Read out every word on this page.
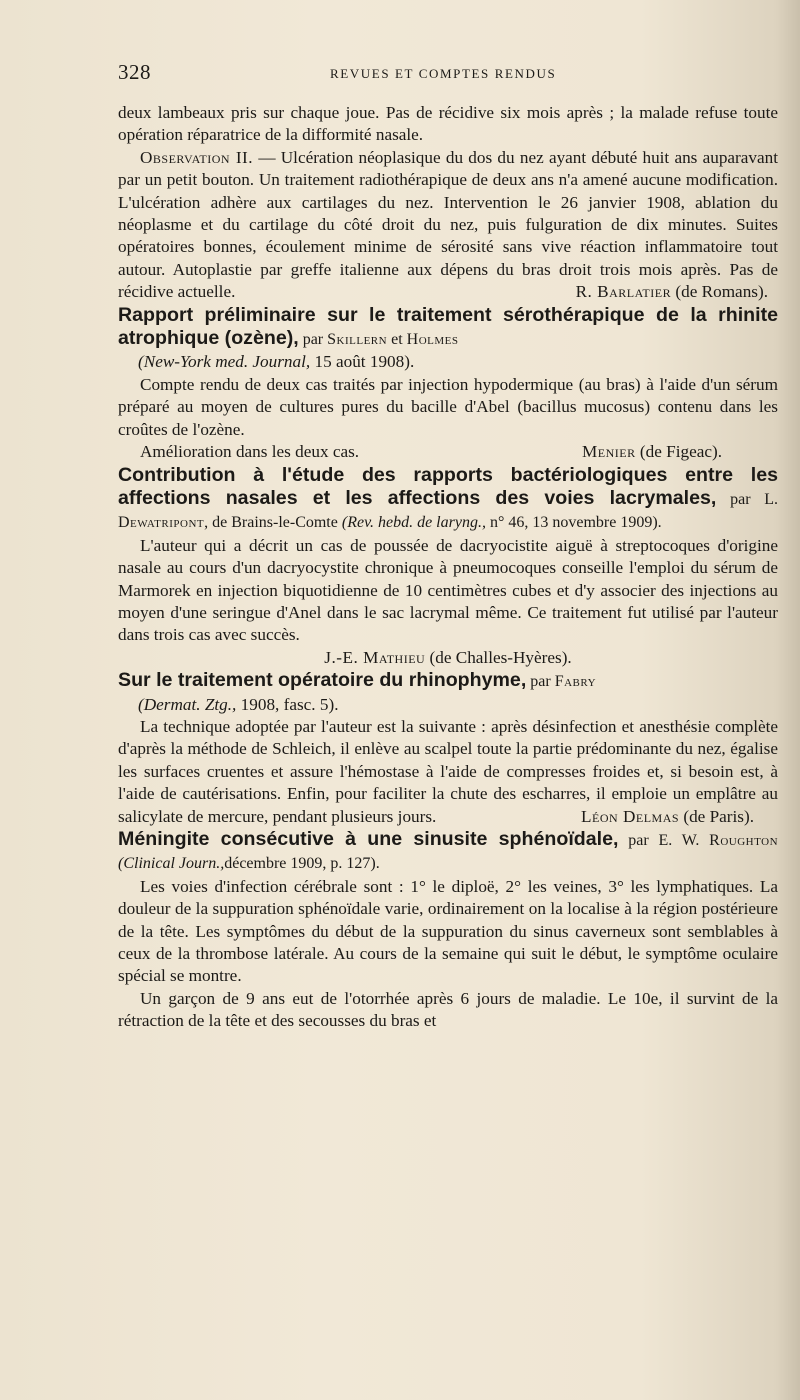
328	REVUES ET COMPTES RENDUS

deux lambeaux pris sur chaque joue. Pas de récidive six mois après ; la malade refuse toute opération réparatrice de la difformité nasale.

Observation II. — Ulcération néoplasique du dos du nez ayant débuté huit ans auparavant par un petit bouton. Un traitement radiothérapique de deux ans n'a amené aucune modification. L'ulcération adhère aux cartilages du nez. Intervention le 26 janvier 1908, ablation du néoplasme et du cartilage du côté droit du nez, puis fulguration de dix minutes. Suites opératoires bonnes, écoulement minime de sérosité sans vive réaction inflammatoire tout autour. Autoplastie par greffe italienne aux dépens du bras droit trois mois après. Pas de récidive actuelle.	R. Barlatier (de Romans).

Rapport préliminaire sur le traitement sérothérapique de la rhinite atrophique (ozène), par Skillern et Holmes

(New-York med. Journal, 15 août 1908).

Compte rendu de deux cas traités par injection hypodermique (au bras) à l'aide d'un sérum préparé au moyen de cultures pures du bacille d'Abel (bacillus mucosus) contenu dans les croûtes de l'ozène.

Amélioration dans les deux cas.	Menier (de Figeac).

Contribution à l'étude des rapports bactériologiques entre les affections nasales et les affections des voies lacrymales, par L. Dewatripont, de Brains-le-Comte (Rev. hebd. de laryng., n° 46, 13 novembre 1909).

L'auteur qui a décrit un cas de poussée de dacryocistite aiguë à streptocoques d'origine nasale au cours d'un dacryocystite chronique à pneumocoques conseille l'emploi du sérum de Marmorek en injection biquotidienne de 10 centimètres cubes et d'y associer des injections au moyen d'une seringue d'Anel dans le sac lacrymal même. Ce traitement fut utilisé par l'auteur dans trois cas avec succès.

J.-E. Mathieu (de Challes-Hyères).

Sur le traitement opératoire du rhinophyme, par Fabry

(Dermat. Ztg., 1908, fasc. 5).

La technique adoptée par l'auteur est la suivante : après désinfection et anesthésie complète d'après la méthode de Schleich, il enlève au scalpel toute la partie prédominante du nez, égalise les surfaces cruentes et assure l'hémostase à l'aide de compresses froides et, si besoin est, à l'aide de cautérisations. Enfin, pour faciliter la chute des escharres, il emploie un emplâtre au salicylate de mercure, pendant plusieurs jours.	Léon Delmas (de Paris).

Méningite consécutive à une sinusite sphénoïdale, par E. W. Roughton (Clinical Journ.,décembre 1909, p. 127).

Les voies d'infection cérébrale sont : 1° le diploë, 2° les veines, 3° les lymphatiques. La douleur de la suppuration sphénoïdale varie, ordinairement on la localise à la région postérieure de la tête. Les symptômes du début de la suppuration du sinus caverneux sont semblables à ceux de la thrombose latérale. Au cours de la semaine qui suit le début, le symptôme oculaire spécial se montre.

Un garçon de 9 ans eut de l'otorrhée après 6 jours de maladie. Le 10e, il survint de la rétraction de la tête et des secousses du bras et
